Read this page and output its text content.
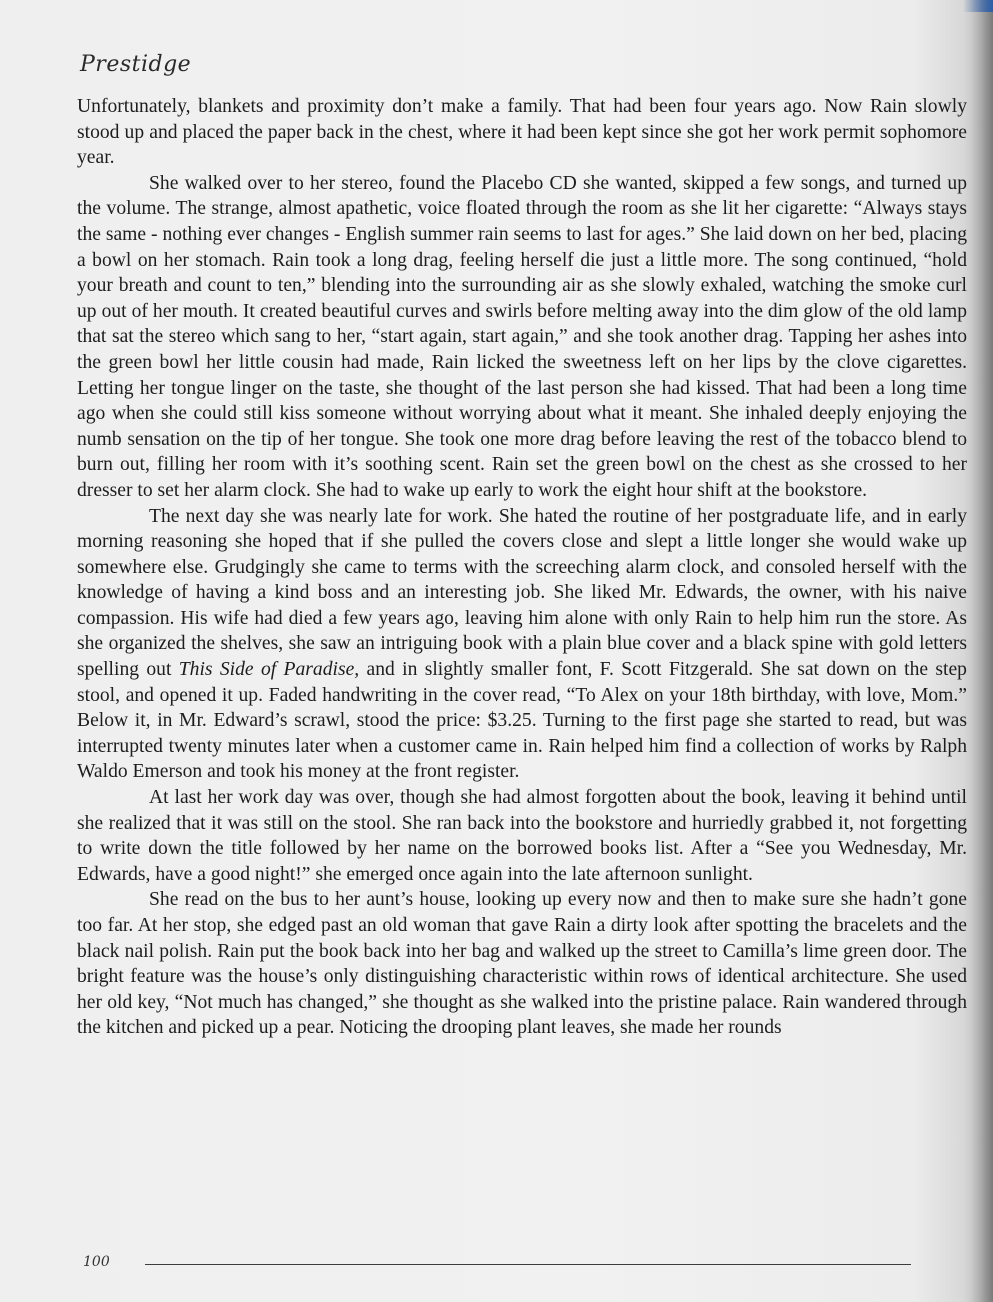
Prestidge

Unfortunately, blankets and proximity don’t make a family. That had been four years ago. Now Rain slowly stood up and placed the paper back in the chest, where it had been kept since she got her work permit sophomore year.

She walked over to her stereo, found the Placebo CD she wanted, skipped a few songs, and turned up the volume. The strange, almost apathetic, voice floated through the room as she lit her cigarette: “Always stays the same - nothing ever changes - English summer rain seems to last for ages.” She laid down on her bed, placing a bowl on her stomach. Rain took a long drag, feeling herself die just a little more. The song continued, “hold your breath and count to ten,” blending into the surrounding air as she slowly exhaled, watching the smoke curl up out of her mouth. It created beautiful curves and swirls before melting away into the dim glow of the old lamp that sat the stereo which sang to her, “start again, start again,” and she took another drag. Tapping her ashes into the green bowl her little cousin had made, Rain licked the sweetness left on her lips by the clove cigarettes. Letting her tongue linger on the taste, she thought of the last person she had kissed. That had been a long time ago when she could still kiss someone without worrying about what it meant. She inhaled deeply enjoying the numb sensation on the tip of her tongue. She took one more drag before leaving the rest of the tobacco blend to burn out, filling her room with it’s soothing scent. Rain set the green bowl on the chest as she crossed to her dresser to set her alarm clock. She had to wake up early to work the eight hour shift at the bookstore.

The next day she was nearly late for work. She hated the routine of her postgraduate life, and in early morning reasoning she hoped that if she pulled the covers close and slept a little longer she would wake up somewhere else. Grudgingly she came to terms with the screeching alarm clock, and consoled herself with the knowledge of having a kind boss and an interesting job. She liked Mr. Edwards, the owner, with his naive compassion. His wife had died a few years ago, leaving him alone with only Rain to help him run the store. As she organized the shelves, she saw an intriguing book with a plain blue cover and a black spine with gold letters spelling out This Side of Paradise, and in slightly smaller font, F. Scott Fitzgerald. She sat down on the step stool, and opened it up. Faded handwriting in the cover read, “To Alex on your 18th birthday, with love, Mom.” Below it, in Mr. Edward’s scrawl, stood the price: $3.25. Turning to the first page she started to read, but was interrupted twenty minutes later when a customer came in. Rain helped him find a collection of works by Ralph Waldo Emerson and took his money at the front register.

At last her work day was over, though she had almost forgotten about the book, leaving it behind until she realized that it was still on the stool. She ran back into the bookstore and hurriedly grabbed it, not forgetting to write down the title followed by her name on the borrowed books list. After a “See you Wednesday, Mr. Edwards, have a good night!” she emerged once again into the late afternoon sunlight.

She read on the bus to her aunt’s house, looking up every now and then to make sure she hadn’t gone too far. At her stop, she edged past an old woman that gave Rain a dirty look after spotting the bracelets and the black nail polish. Rain put the book back into her bag and walked up the street to Camilla’s lime green door. The bright feature was the house’s only distinguishing characteristic within rows of identical architecture. She used her old key, “Not much has changed,” she thought as she walked into the pristine palace. Rain wandered through the kitchen and picked up a pear. Noticing the drooping plant leaves, she made her rounds

100
